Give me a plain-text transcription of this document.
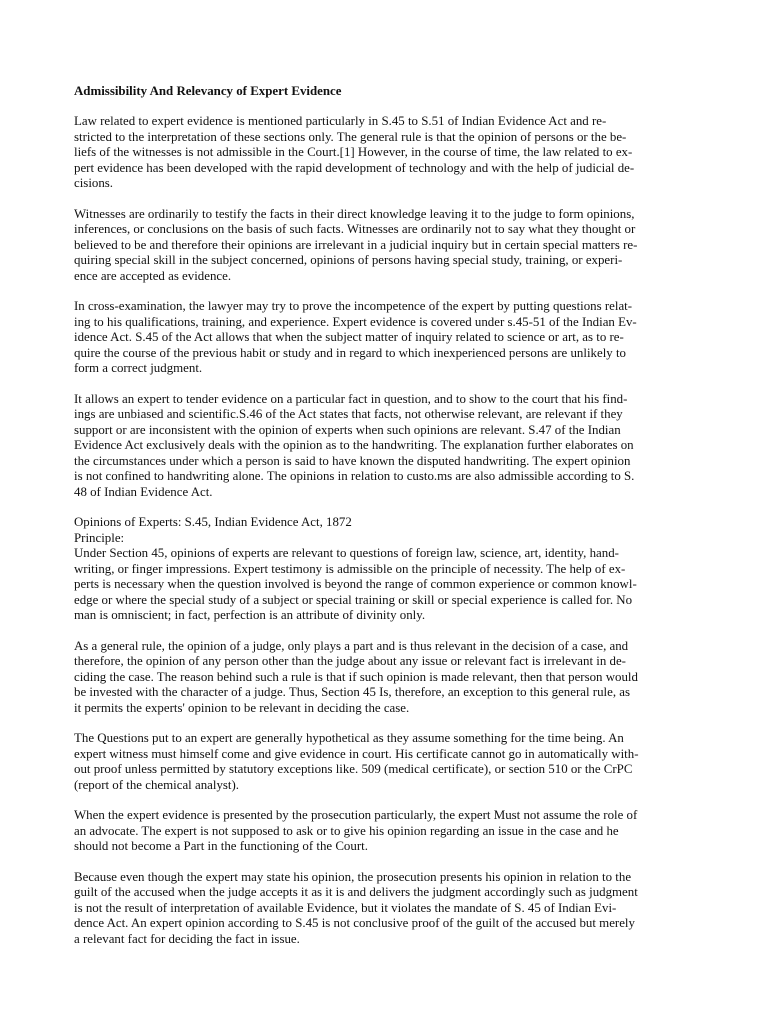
Admissibility And Relevancy of Expert Evidence
Law related to expert evidence is mentioned particularly in S.45 to S.51 of Indian Evidence Act and re-
stricted to the interpretation of these sections only. The general rule is that the opinion of persons or the be-
liefs of the witnesses is not admissible in the Court.[1] However, in the course of time, the law related to ex-
pert evidence has been developed with the rapid development of technology and with the help of judicial de-
cisions.
Witnesses are ordinarily to testify the facts in their direct knowledge leaving it to the judge to form opinions,
inferences, or conclusions on the basis of such facts. Witnesses are ordinarily not to say what they thought or
believed to be and therefore their opinions are irrelevant in a judicial inquiry but in certain special matters re-
quiring special skill in the subject concerned, opinions of persons having special study, training, or experi-
ence are accepted as evidence.
In cross-examination, the lawyer may try to prove the incompetence of the expert by putting questions relat-
ing to his qualifications, training, and experience. Expert evidence is covered under s.45-51 of the Indian Ev-
idence Act. S.45 of the Act allows that when the subject matter of inquiry related to science or art, as to re-
quire the course of the previous habit or study and in regard to which inexperienced persons are unlikely to
form a correct judgment.
It allows an expert to tender evidence on a particular fact in question, and to show to the court that his find-
ings are unbiased and scientific.S.46 of the Act states that facts, not otherwise relevant, are relevant if they
support or are inconsistent with the opinion of experts when such opinions are relevant. S.47 of the Indian
Evidence Act exclusively deals with the opinion as to the handwriting. The explanation further elaborates on
the circumstances under which a person is said to have known the disputed handwriting. The expert opinion
is not confined to handwriting alone. The opinions in relation to custo.ms are also admissible according to S.
48 of Indian Evidence Act.
Opinions of Experts: S.45, Indian Evidence Act, 1872
Principle:
Under Section 45, opinions of experts are relevant to questions of foreign law, science, art, identity, hand-
writing, or finger impressions. Expert testimony is admissible on the principle of necessity. The help of ex-
perts is necessary when the question involved is beyond the range of common experience or common knowl-
edge or where the special study of a subject or special training or skill or special experience is called for. No
man is omniscient; in fact, perfection is an attribute of divinity only.
As a general rule, the opinion of a judge, only plays a part and is thus relevant in the decision of a case, and
therefore, the opinion of any person other than the judge about any issue or relevant fact is irrelevant in de-
ciding the case. The reason behind such a rule is that if such opinion is made relevant, then that person would
be invested with the character of a judge. Thus, Section 45 Is, therefore, an exception to this general rule, as
it permits the experts' opinion to be relevant in deciding the case.
The Questions put to an expert are generally hypothetical as they assume something for the time being. An
expert witness must himself come and give evidence in court. His certificate cannot go in automatically with-
out proof unless permitted by statutory exceptions like. 509 (medical certificate), or section 510 or the CrPC
(report of the chemical analyst).
When the expert evidence is presented by the prosecution particularly, the expert Must not assume the role of
an advocate. The expert is not supposed to ask or to give his opinion regarding an issue in the case and he
should not become a Part in the functioning of the Court.
Because even though the expert may state his opinion, the prosecution presents his opinion in relation to the
guilt of the accused when the judge accepts it as it is and delivers the judgment accordingly such as judgment
is not the result of interpretation of available Evidence, but it violates the mandate of S. 45 of Indian Evi-
dence Act. An expert opinion according to S.45 is not conclusive proof of the guilt of the accused but merely
a relevant fact for deciding the fact in issue.
